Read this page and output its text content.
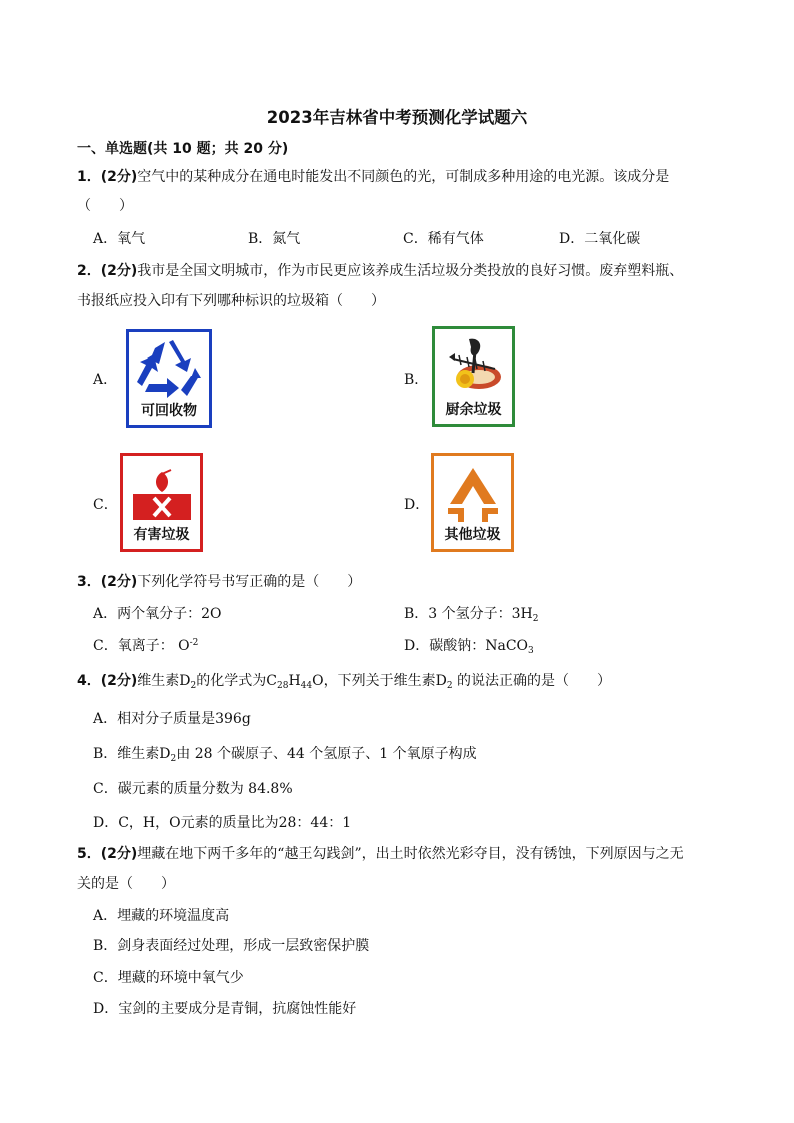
2023年吉林省中考预测化学试题六
一、单选题(共 10 题；共 20 分)
1．(2分)空气中的某种成分在通电时能发出不同颜色的光，可制成多种用途的电光源。该成分是
（　　）
A．氧气	B．氮气	C．稀有气体	D．二氧化碳
2．(2分)我市是全国文明城市，作为市民更应该养成生活垃圾分类投放的良好习惯。废弃塑料瓶、
书报纸应投入印有下列哪种标识的垃圾箱（　　）
A．	B．
C．	D．
可回收物	厨余垃圾
有害垃圾	其他垃圾
3．(2分)下列化学符号书写正确的是（　　）
A．两个氧分子：2O	B．3 个氢分子：$3H_2$
C．氧离子： $O^{-2}$	D．碳酸钠：NaCO$_3$
4．(2分)维生素$D_2$的化学式为$C_{28}H_{44}O$，下列关于维生素$D_2$ 的说法正确的是（　　）
A．相对分子质量是396g
B．维生素$D_2$由 28 个碳原子、44 个氢原子、1 个氧原子构成
C．碳元素的质量分数为 84.8%
D．C，H，O元素的质量比为28：44：1
5．(2分)埋藏在地下两千多年的“越王勾践剑”，出土时依然光彩夺目，没有锈蚀，下列原因与之无
关的是（　　）
A．埋藏的环境温度高
B．剑身表面经过处理，形成一层致密保护膜
C．埋藏的环境中氧气少
D．宝剑的主要成分是青铜，抗腐蚀性能好
